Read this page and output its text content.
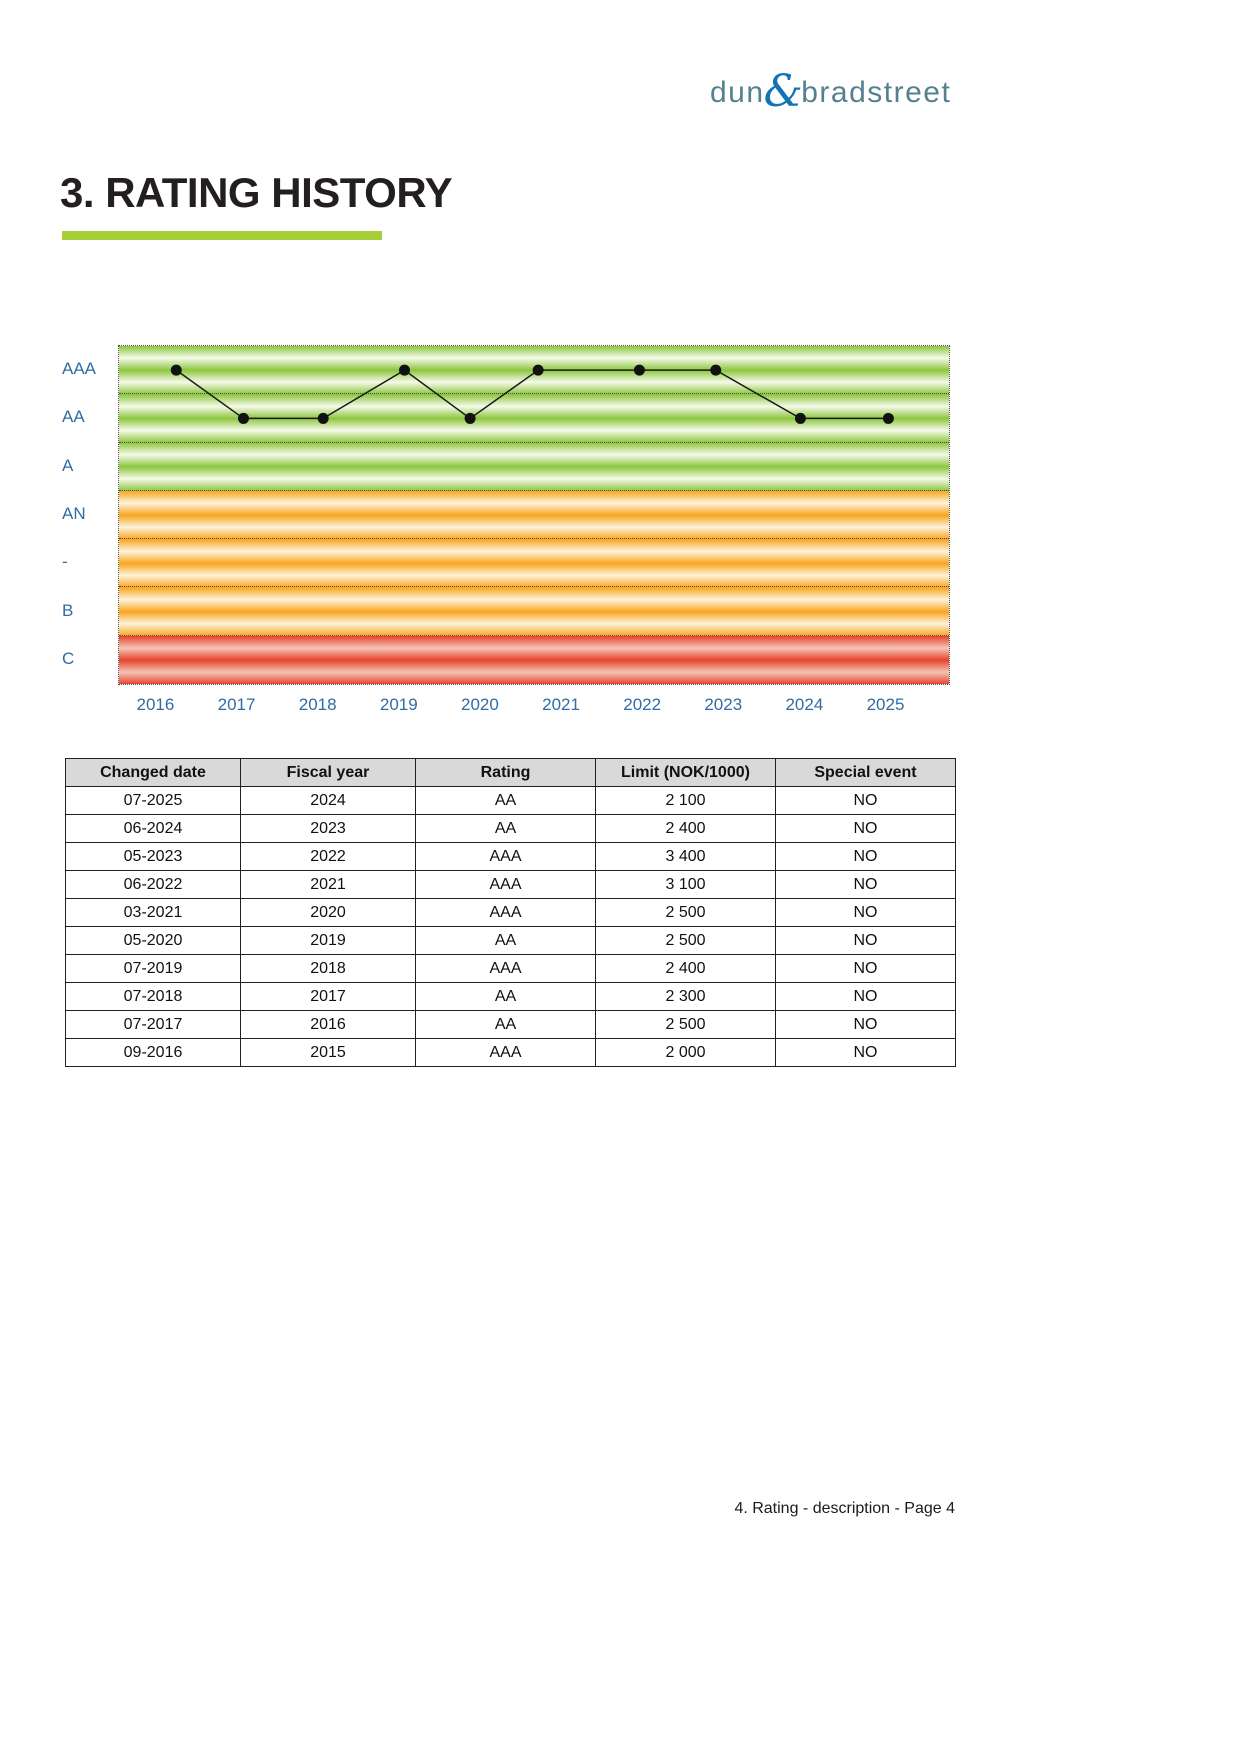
dun&bradstreet
3. RATING HISTORY
AAA
AA
A
AN
-
B
C
2016	2017	2018	2019	2020	2021	2022	2023	2024	2025
Changed date	Fiscal year	Rating	Limit (NOK/1000)	Special event
07-2025	2024	AA	2 100	NO
06-2024	2023	AA	2 400	NO
05-2023	2022	AAA	3 400	NO
06-2022	2021	AAA	3 100	NO
03-2021	2020	AAA	2 500	NO
05-2020	2019	AA	2 500	NO
07-2019	2018	AAA	2 400	NO
07-2018	2017	AA	2 300	NO
07-2017	2016	AA	2 500	NO
09-2016	2015	AAA	2 000	NO
4. Rating - description - Page 4
